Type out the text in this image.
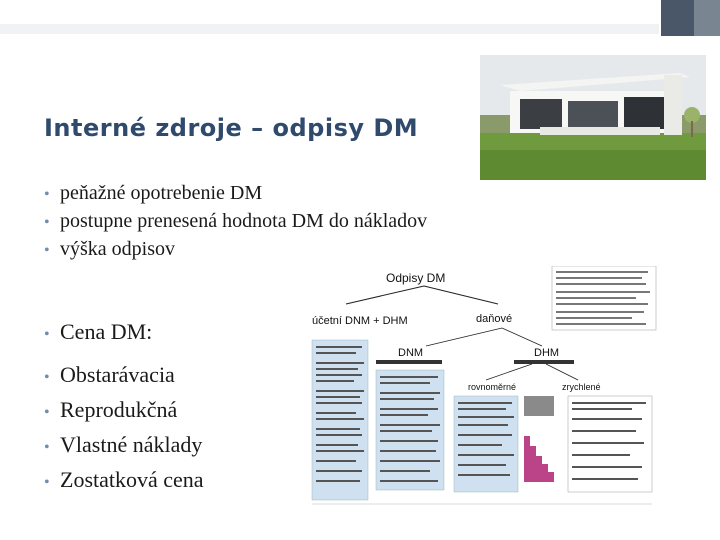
Interné zdroje – odpisy DM
• peňažné opotrebenie DM
• postupne prenesená hodnota DM do nákladov
• výška odpisov
• Cena DM:
• Obstarávacia
• Reprodukčná
• Vlastné náklady
• Zostatková cena
Odpisy DM
účetní DNM + DHM	daňové
DNM	DHM
rovnoměrné	zrychlené
